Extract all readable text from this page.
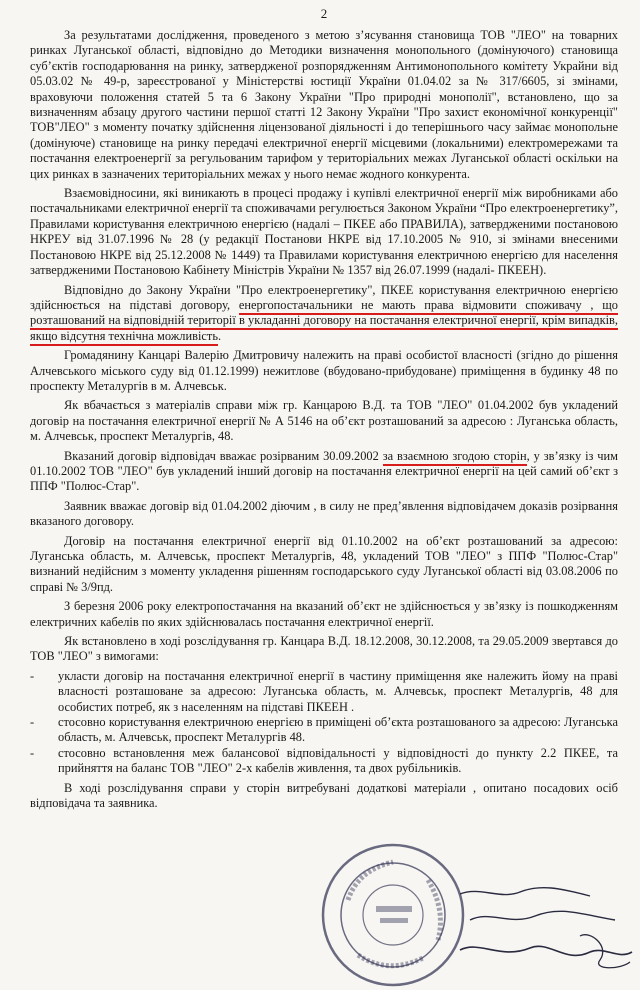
2

За результатами дослідження, проведеного з метою з’ясування становища ТОВ "ЛЕО" на товарних ринках Луганської області, відповідно до Методики визначення монопольного (домінуючого) становища суб’єктів господарювання на ринку, затвердженої розпорядженням Антимонопольного комітету Украйни від 05.03.02 № 49-р, зареєстрованої у Міністерстві юстиції України 01.04.02 за № 317/6605, зі змінами, враховуючи положення статей 5 та 6 Закону України "Про природні монополії", встановлено, що за визначенням абзацу другого частини першої статті 12 Закону України "Про захист економічної конкуренції" ТОВ"ЛЕО" з моменту початку здійснення ліцензованої діяльності і до теперішнього часу займає монопольне (домінуюче) становище на ринку передачі електричної енергії місцевими (локальними) електромережами та постачання електроенергії за регульованим тарифом у територіальних межах Луганської області оскільки на цих ринках в зазначених територіальних межах у нього немає жодного конкурента.

Взаємовідносини, які виникають в процесі продажу і купівлі електричної енергії між виробниками або постачальниками електричної енергії та споживачами регулюється Законом України “Про електроенергетику”, Правилами користування електричною енергією (надалі – ПКЕЕ або ПРАВИЛА), затвердженими постановою НКРЕУ від 31.07.1996 № 28 (у редакції Постанови НКРЕ від 17.10.2005 № 910, зі змінами внесеними Постановою НКРЕ від 25.12.2008 № 1449) та Правилами користування електричною енергією для населення затвердженими Постановою Кабінету Міністрів України № 1357 від 26.07.1999 (надалі- ПКЕЕН).

Відповідно до Закону України "Про електроенергетику", ПКЕЕ користування електричною енергією здійснюється на підставі договору, енергопостачальники не мають права відмовити споживачу , що розташований на відповідній території в укладанні договору на постачання електричної енергії, крім випадків, якщо відсутня технічна можливість.

Громадянину Канцарі Валерію Дмитровичу належить на праві особистої власності (згідно до рішення Алчевського міського суду від 01.12.1999) нежитлове (вбудовано-прибудоване) приміщення в будинку 48 по проспекту Металургів в м. Алчевськ.

Як вбачається з матеріалів справи між гр. Канцарою В.Д. та ТОВ "ЛЕО" 01.04.2002 був укладений договір на постачання електричної енергії № А 5146 на об’єкт розташований за адресою : Луганська область, м. Алчевськ, проспект Металургів, 48.

Вказаний договір відповідач вважає розірваним 30.09.2002 за взаємною згодою сторін, у зв’язку із чим 01.10.2002 ТОВ "ЛЕО" був укладений інший договір на постачання електричної енергії на цей самий об’єкт з ППФ "Полюс-Стар".

Заявник вважає договір від 01.04.2002 діючим , в силу не пред’явлення відповідачем доказів розірвання вказаного договору.

Договір на постачання електричної енергії від 01.10.2002 на об’єкт розташований за адресою: Луганська область, м. Алчевськ, проспект Металургів, 48, укладений ТОВ "ЛЕО" з ППФ "Полюс-Стар" визнаний недійсним з моменту укладення рішенням господарського суду Луганської області від 03.08.2006 по справі № 3/9пд.

З березня 2006 року електропостачання на вказаний об’єкт не здійснюється у зв’язку із пошкодженням електричних кабелів по яких здійснювалась постачання електричної енергії.

Як встановлено в ході розслідування гр. Канцара В.Д. 18.12.2008, 30.12.2008, та 29.05.2009 звертався до ТОВ "ЛЕО" з вимогами:

- укласти договір на постачання електричної енергії в частину приміщення яке належить йому на праві власності розташоване за адресою: Луганська область, м. Алчевськ, проспект Металургів, 48 для особистих потреб, як з населенням на підставі ПКЕЕН .
- стосовно користування електричною енергією в приміщені об’єкта розташованого за адресою: Луганська область, м. Алчевськ, проспект Металургів 48.
- стосовно встановлення меж балансової відповідальності у відповідності до пункту 2.2 ПКЕЕ, та прийняття на баланс ТОВ "ЛЕО" 2-х кабелів живлення, та двох рубільників.

В ході розслідування справи у сторін витребувані додаткові матеріали , опитано посадових осіб відповідача та заявника.
